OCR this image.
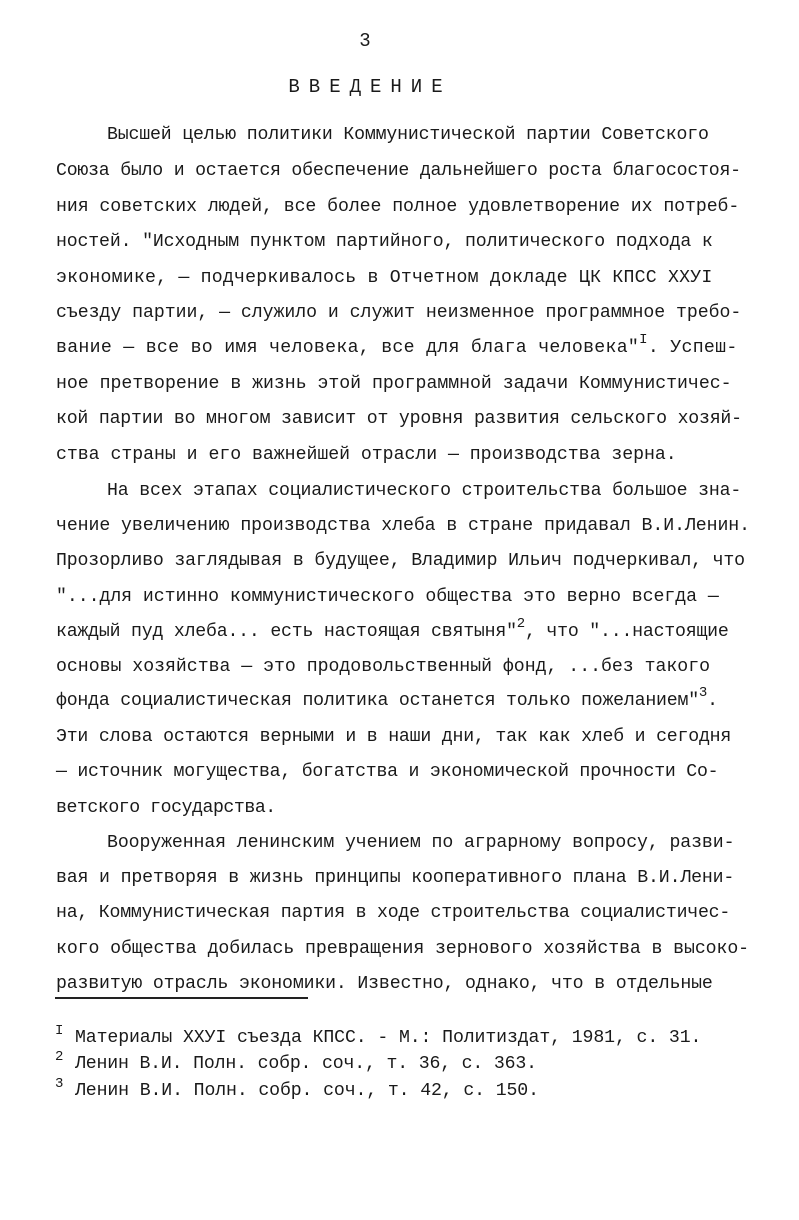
3
ВВЕДЕНИЕ
Высшей целью политики Коммунистической партии Советского
Союза было и остается обеспечение дальнейшего роста благосостоя-
ния советских людей, все более полное удовлетворение их потреб-
ностей. "Исходным пунктом партийного, политического подхода к
экономике, — подчеркивалось в Отчетном докладе ЦК КПСС XXУI
съезду партии, — служило и служит неизменное программное требо-
вание — все во имя человека, все для блага человека"$^I$. Успеш-
ное претворение в жизнь этой программной задачи Коммунистичес-
кой партии во многом зависит от уровня развития сельского хозяй-
ства страны и его важнейшей отрасли — производства зерна.
На всех этапах социалистического строительства большое зна-
чение увеличению производства хлеба в стране придавал В.И.Ленин.
Прозорливо заглядывая в будущее, Владимир Ильич подчеркивал, что
"...для истинно коммунистического общества это верно всегда —
каждый пуд хлеба... есть настоящая святыня"$^2$, что "...настоящие
основы хозяйства — это продовольственный фонд, ...без такого
фонда социалистическая политика останется только пожеланием"$^3$.
Эти слова остаются верными и в наши дни, так как хлеб и сегодня
— источник могущества, богатства и экономической прочности Со-
ветского государства.
Вооруженная ленинским учением по аграрному вопросу, разви-
вая и претворяя в жизнь принципы кооперативного плана В.И.Лени-
на, Коммунистическая партия в ходе строительства социалистичес-
кого общества добилась превращения зернового хозяйства в высоко-
развитую отрасль экономики. Известно, однако, что в отдельные
I Материалы XXУI съезда КПСС. - М.: Политиздат, 1981, с. 31.
2 Ленин В.И. Полн. собр. соч., т. 36, с. 363.
3 Ленин В.И. Полн. собр. соч., т. 42, с. 150.
